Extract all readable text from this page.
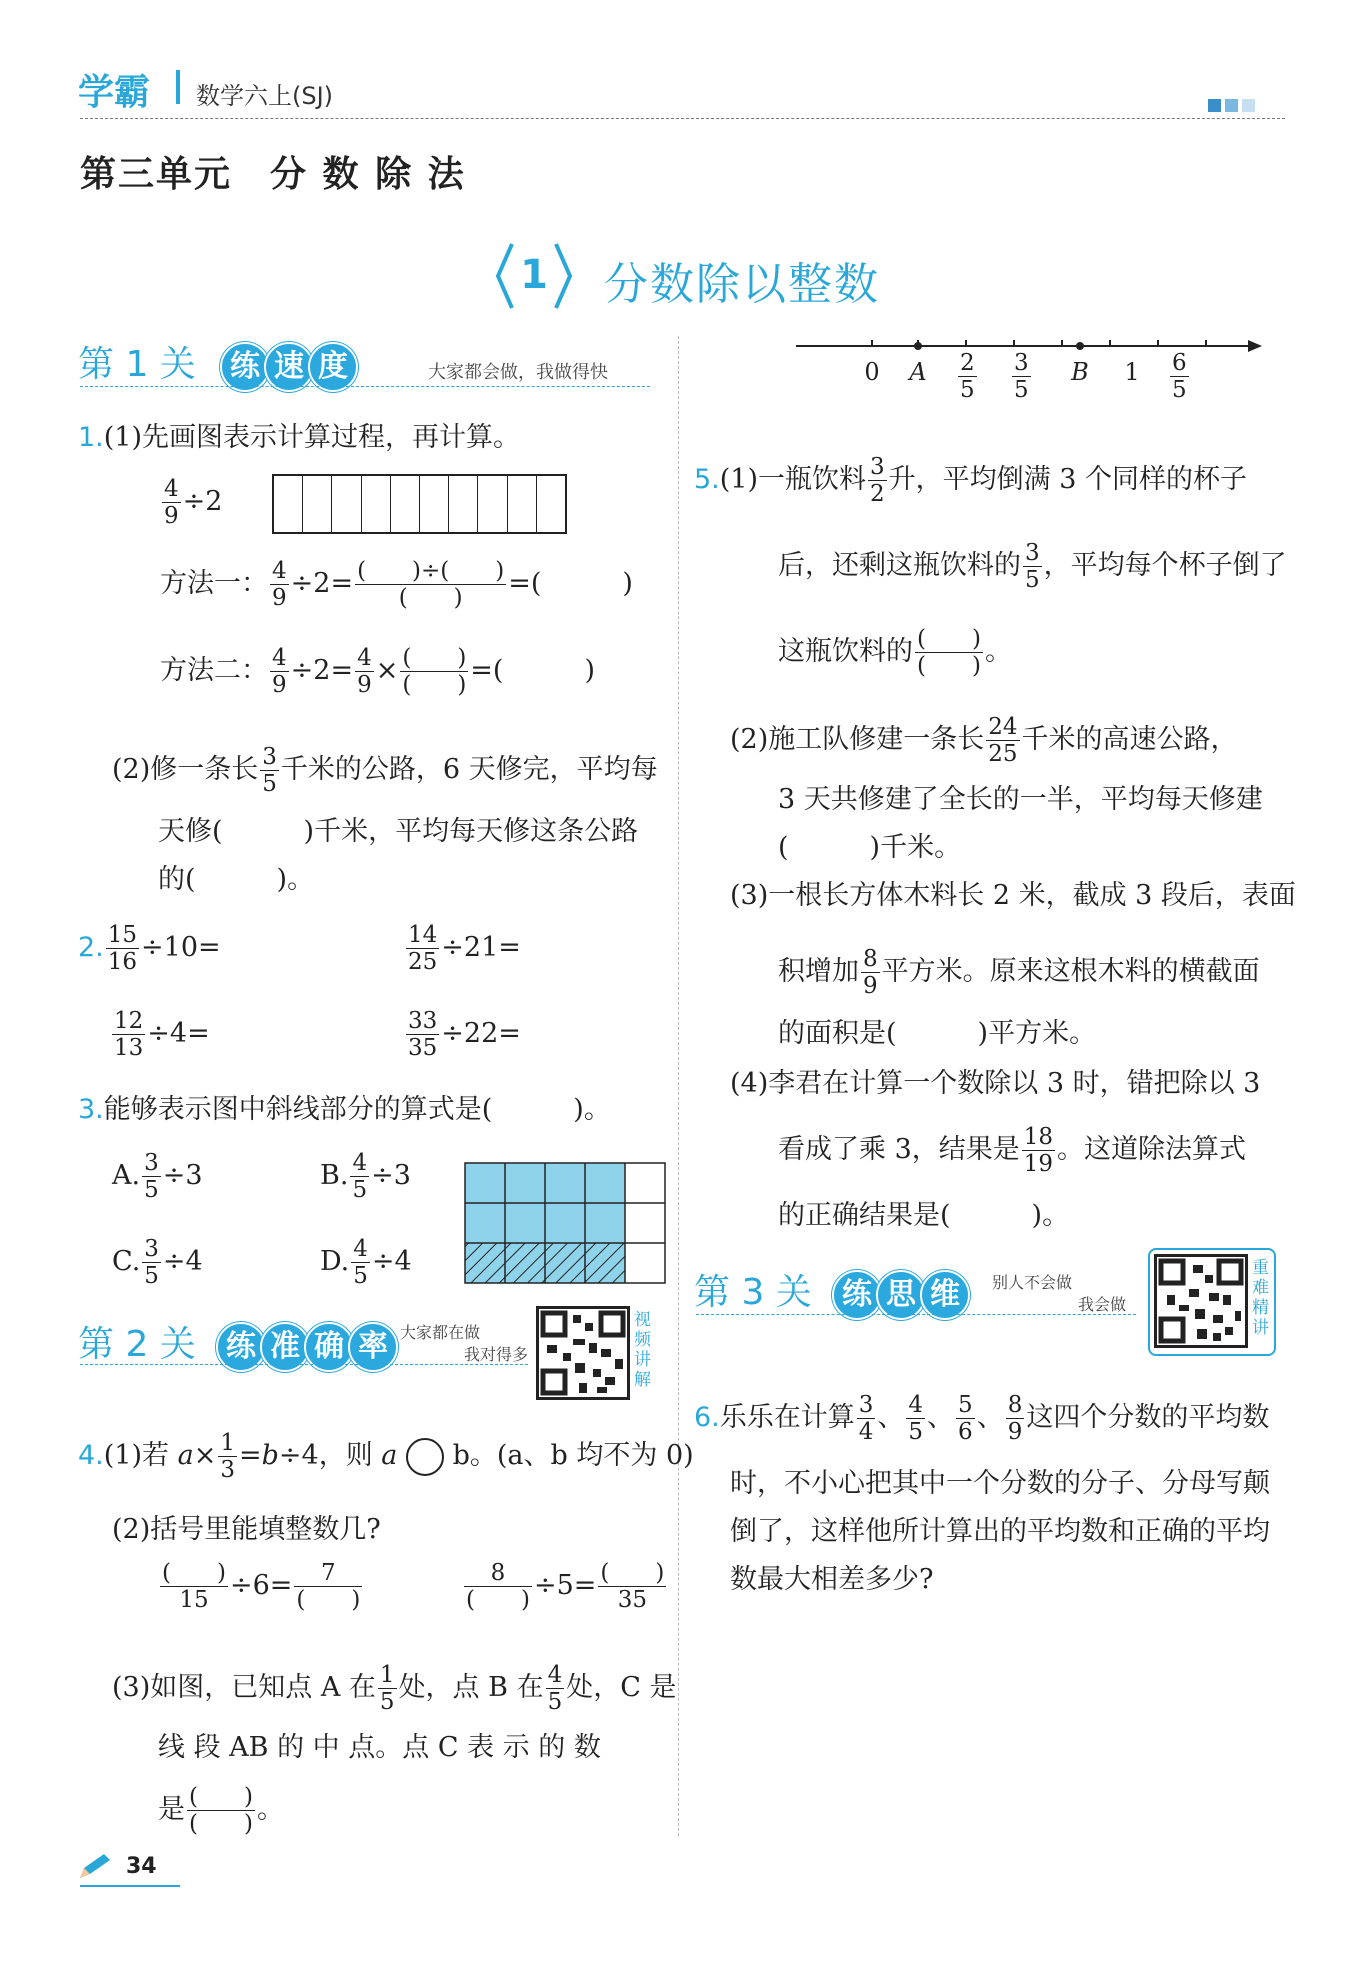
学霸 数学六上(SJ)
第三单元　分 数 除 法
1 分数除以整数
第 1 关 练 速 度	大家都会做，我做得快
1.(1)先画图表示计算过程，再计算。
$\frac{4}{9} \div 2$
方法一： $\frac{4}{9} \div 2= \frac{( )\div( )}{( )}$ =(　　　)
方法二： $\frac{4}{9} \div 2= \frac{4}{9} \times \frac{( )}{( )}$ =(　　　)
(2)修一条长 $\frac{3}{5}$ 千米的公路，6 天修完，平均每
天修(　　　)千米，平均每天修这条公路
的(　　　)。
2. $\frac{15}{16} \div 10=$	$\frac{14}{25} \div 21=$
$\frac{12}{13} \div 4=$	$\frac{33}{35} \div 22=$
3.能够表示图中斜线部分的算式是(　　　)。
A. $\frac{3}{5} \div 3$	B. $\frac{4}{5} \div 3$
C. $\frac{3}{5} \div 4$	D. $\frac{4}{5} \div 4$
第 2 关 练 准 确 率 大家都在做
我对得多
视频讲解
4.(1)若 $a\times \frac{1}{3} =b\div 4$，则 a  b。(a、b 均不为 0)
(2)括号里能填整数几?
$\frac{( )}{15} \div 6= \frac{7}{( )}$	$\frac{8}{( )} \div 5= \frac{( )}{35}$
(3)如图，已知点 A 在 $\frac{1}{5}$ 处，点 B 在 $\frac{4}{5}$ 处，C 是
线 段 AB 的 中 点。点 C 表 示 的 数
是 $\frac{( )}{( )}$ 。
0 A	B 1
$\frac{2}{5} \frac{3}{5}$	$\frac{6}{5}$
5.(1)一瓶饮料 $\frac{3}{2}$ 升，平均倒满 3 个同样的杯子
后，还剩这瓶饮料的 $\frac{3}{5}$ ，平均每个杯子倒了
这瓶饮料的 $\frac{( )}{( )}$ 。
(2)施工队修建一条长 $\frac{24}{25}$ 千米的高速公路，
3 天共修建了全长的一半，平均每天修建
(　　　)千米。
(3)一根长方体木料长 2 米，截成 3 段后，表面
积增加 $\frac{8}{9}$ 平方米。原来这根木料的横截面
的面积是(　　　)平方米。
(4)李君在计算一个数除以 3 时，错把除以 3
看成了乘 3，结果是 $\frac{18}{19}$ 。这道除法算式
的正确结果是(　　　)。
第 3 关 练 思 维 别人不会做
我会做
重难精讲
6.乐乐在计算 $\frac{3}{4}$ 、 $\frac{4}{5}$ 、 $\frac{5}{6}$ 、 $\frac{8}{9}$ 这四个分数的平均数
时，不小心把其中一个分数的分子、分母写颠
倒了，这样他所计算出的平均数和正确的平均
数最大相差多少?
34
